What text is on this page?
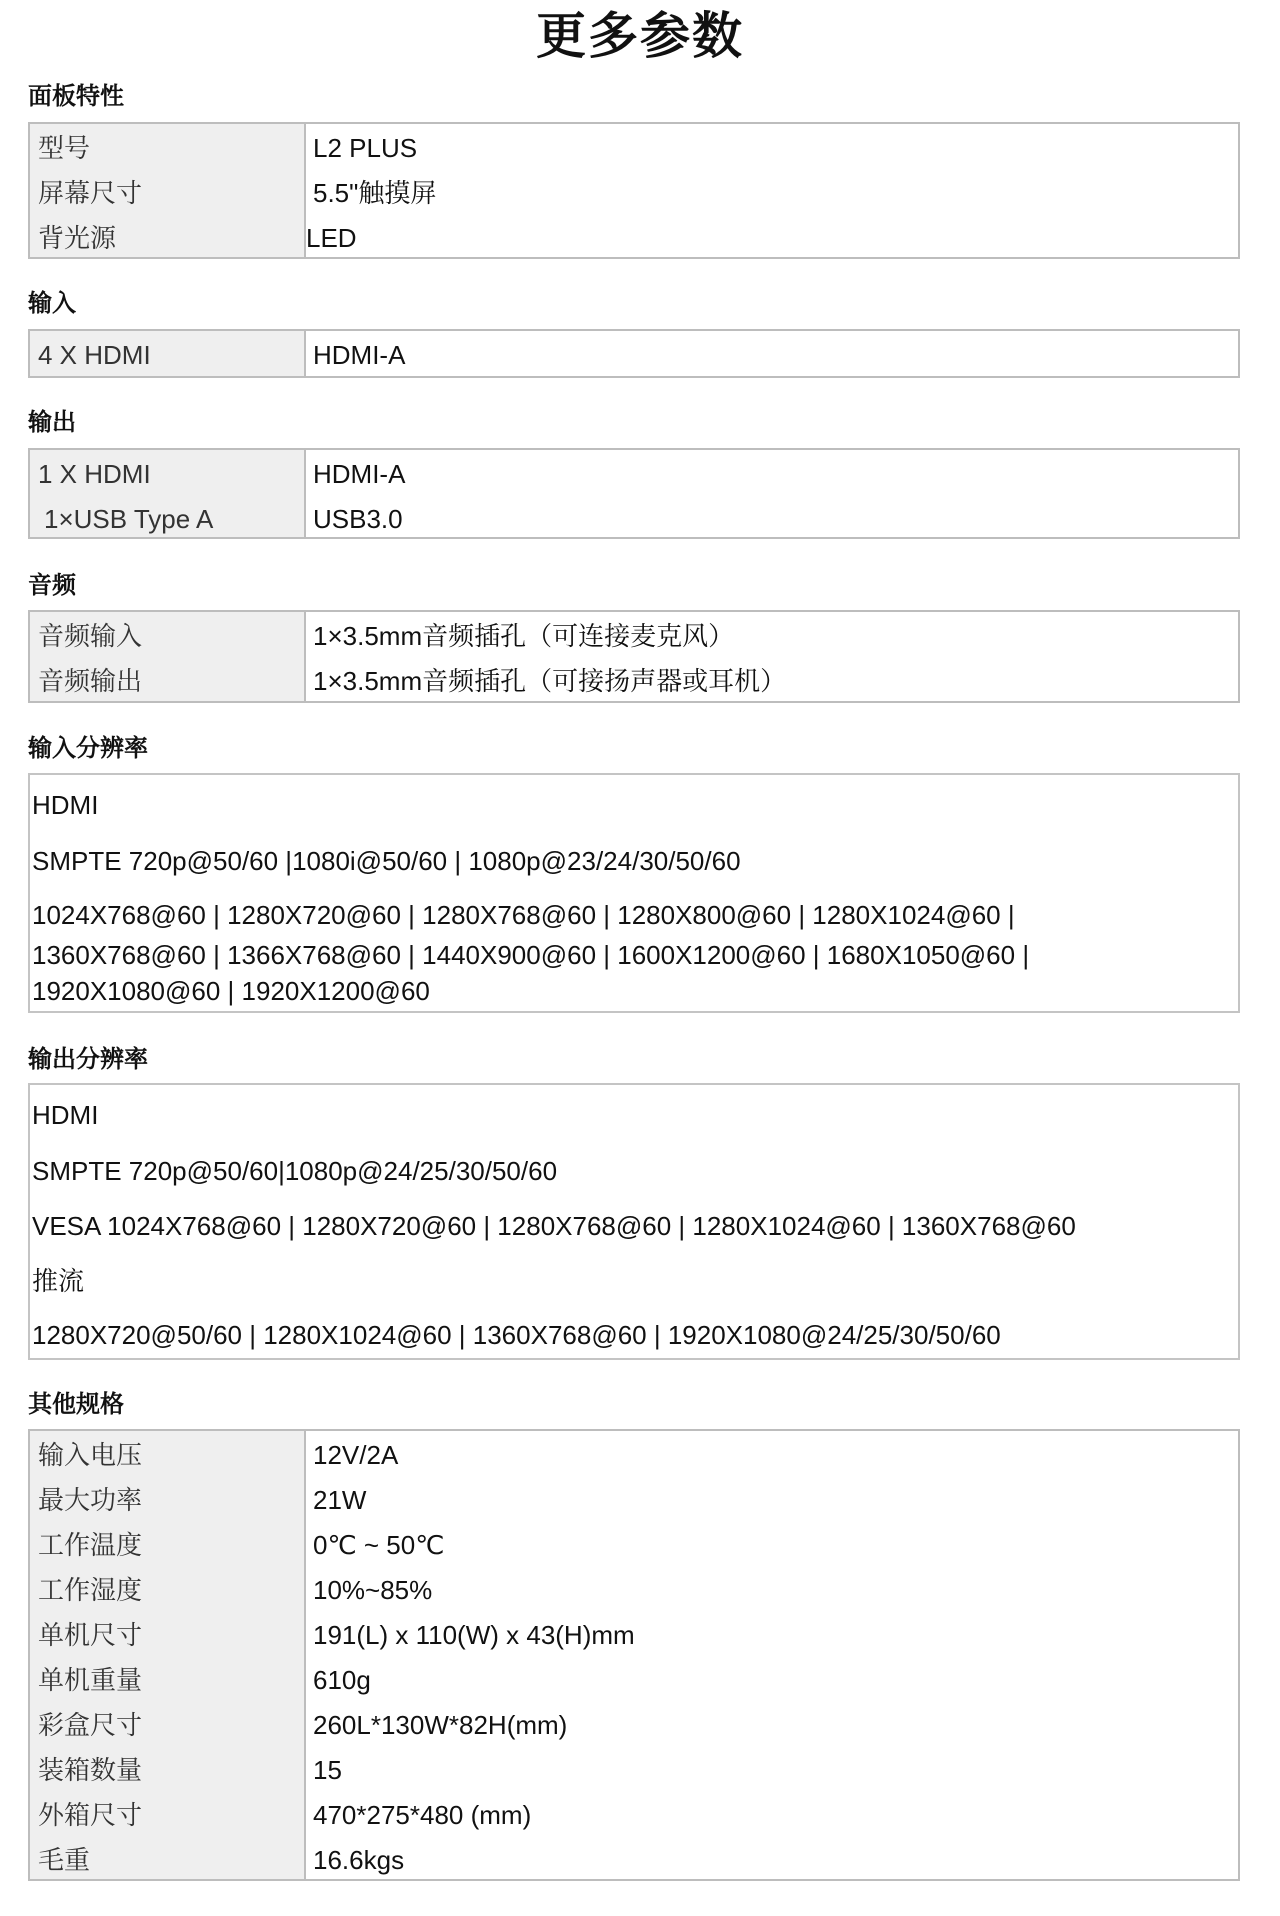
更多参数
面板特性
型号
屏幕尺寸
背光源
L2 PLUS
5.5"触摸屏
LED
输入
4 X HDMI	HDMI-A
输出
1 X HDMI
1×USB Type A
HDMI-A
USB3.0
音频
音频输入
音频输出
1×3.5mm音频插孔（可连接麦克风）
1×3.5mm音频插孔（可接扬声器或耳机）
输入分辨率
HDMI
SMPTE 720p@50/60 |1080i@50/60 | 1080p@23/24/30/50/60
1024X768@60 | 1280X720@60 | 1280X768@60 | 1280X800@60 | 1280X1024@60 |
1360X768@60 | 1366X768@60 | 1440X900@60 | 1600X1200@60 | 1680X1050@60 |
1920X1080@60 | 1920X1200@60
输出分辨率
HDMI
SMPTE 720p@50/60|1080p@24/25/30/50/60
VESA 1024X768@60 | 1280X720@60 | 1280X768@60 | 1280X1024@60 | 1360X768@60
推流
1280X720@50/60 | 1280X1024@60 | 1360X768@60 | 1920X1080@24/25/30/50/60
其他规格
输入电压
最大功率
工作温度
工作湿度
单机尺寸
单机重量
彩盒尺寸
装箱数量
外箱尺寸
毛重
12V/2A
21W
0℃ ~ 50℃
10%~85%
191(L) x 110(W) x 43(H)mm
610g
260L*130W*82H(mm)
15
470*275*480 (mm)
16.6kgs
